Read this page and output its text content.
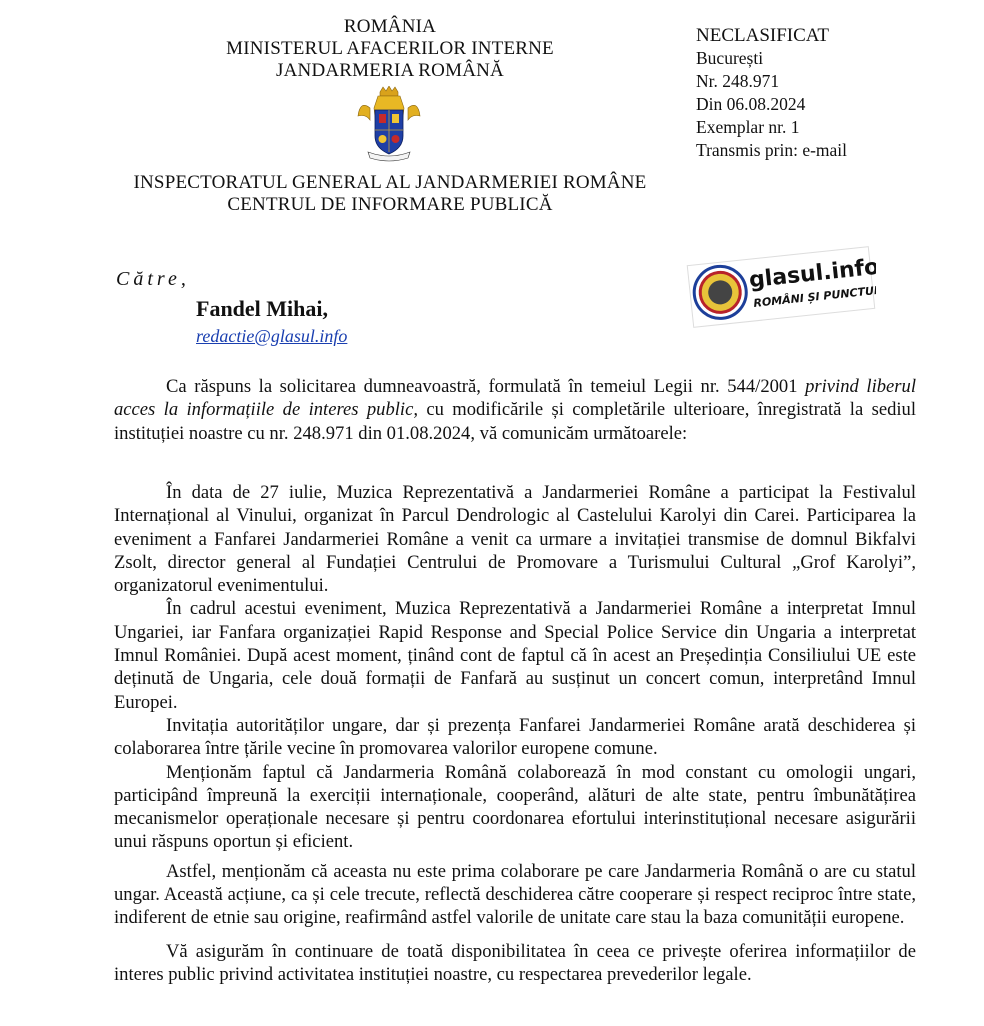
ROMÂNIA
MINISTERUL AFACERILOR INTERNE
JANDARMERIA ROMÂNĂ
INSPECTORATUL GENERAL AL JANDARMERIEI ROMÂNE
CENTRUL DE INFORMARE PUBLICĂ
NECLASIFICAT
București
Nr. 248.971
Din 06.08.2024
Exemplar nr. 1
Transmis prin: e-mail
Către,
Fandel Mihai,
redactie@glasul.info
glasul.info
ROMÂNI ȘI PUNCTUM!

Ca răspuns la solicitarea dumneavoastră, formulată în temeiul Legii nr. 544/2001 privind liberul acces la informațiile de interes public, cu modificările și completările ulterioare, înregistrată la sediul instituției noastre cu nr. 248.971 din 01.08.2024, vă comunicăm următoarele:

În data de 27 iulie, Muzica Reprezentativă a Jandarmeriei Române a participat la Festivalul Internațional al Vinului, organizat în Parcul Dendrologic al Castelului Karolyi din Carei. Participarea la eveniment a Fanfarei Jandarmeriei Române a venit ca urmare a invitației transmise de domnul Bikfalvi Zsolt, director general al Fundației Centrului de Promovare a Turismului Cultural „Grof Karolyi”, organizatorul evenimentului.

În cadrul acestui eveniment, Muzica Reprezentativă a Jandarmeriei Române a interpretat Imnul Ungariei, iar Fanfara organizației Rapid Response and Special Police Service din Ungaria a interpretat Imnul României. După acest moment, ținând cont de faptul că în acest an Președinția Consiliului UE este deținută de Ungaria, cele două formații de Fanfară au susținut un concert comun, interpretând Imnul Europei.

Invitația autorităților ungare, dar și prezența Fanfarei Jandarmeriei Române arată deschiderea și colaborarea între țările vecine în promovarea valorilor europene comune.

Menționăm faptul că Jandarmeria Română colaborează în mod constant cu omologii ungari, participând împreună la exerciții internaționale, cooperând, alături de alte state, pentru îmbunătățirea mecanismelor operaționale necesare și pentru coordonarea efortului interinstituțional necesare asigurării unui răspuns oportun și eficient.

Astfel, menționăm că aceasta nu este prima colaborare pe care Jandarmeria Română o are cu statul ungar. Această acțiune, ca și cele trecute, reflectă deschiderea către cooperare și respect reciproc între state, indiferent de etnie sau origine, reafirmând astfel valorile de unitate care stau la baza comunității europene.

Vă asigurăm în continuare de toată disponibilitatea în ceea ce privește oferirea informațiilor de interes public privind activitatea instituției noastre, cu respectarea prevederilor legale.
